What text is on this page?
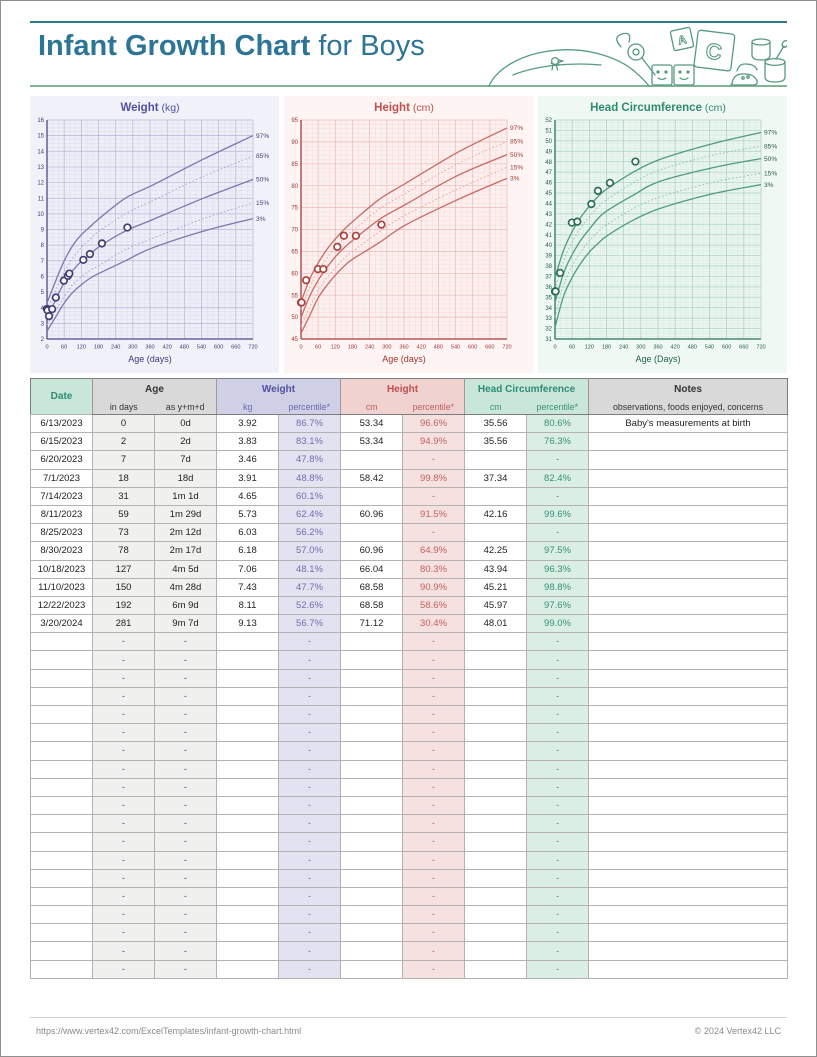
Infant Growth Chart for Boys	C
A
2
3
4
5
6
7
8
9
10
11
12
13
14
15
16
0 60 120 180 240 300 360 420 480 540 600 660 720
Age (days)
97%
85%
50%
15%
3%
Weight (kg)
45
50
55
60
65
70
75
80
85
90
95
0 60 120 180 240 300 360 420 480 540 600 660 720
Age (days)
97%
85%
50%
15%
3%
Height (cm)
31
32
33
34
35
36
37
38
39
40
41
42
43
44
45
46
47
48
49
50
51
52
0 60 120 180 240 300 360 420 480 540 600 660 720
Age (Days)
97%
85%
50%
15%
3%
Head Circumference (cm)
Date	Age		Weight		Height		Head Circumference		Notes
	in days	as y+m+d	kg	percentile*	cm	percentile*	cm	percentile*	observations, foods enjoyed, concerns
6/13/2023	0	0d	3.92	86.7%	53.34	96.6%	35.56	80.6%	Baby's measurements at birth
6/15/2023	2	2d	3.83	83.1%	53.34	94.9%	35.56	76.3%	
6/20/2023	7	7d	3.46	47.8%		-		-	
7/1/2023	18	18d	3.91	48.8%	58.42	99.8%	37.34	82.4%	
7/14/2023	31	1m 1d	4.65	60.1%		-		-	
8/11/2023	59	1m 29d	5.73	62.4%	60.96	91.5%	42.16	99.6%	
8/25/2023	73	2m 12d	6.03	56.2%		-		-	
8/30/2023	78	2m 17d	6.18	57.0%	60.96	64.9%	42.25	97.5%	
10/18/2023	127	4m 5d	7.06	48.1%	66.04	80.3%	43.94	96.3%	
11/10/2023	150	4m 28d	7.43	47.7%	68.58	90.9%	45.21	98.8%	
12/22/2023	192	6m 9d	8.11	52.6%	68.58	58.6%	45.97	97.6%	
3/20/2024	281	9m 7d	9.13	56.7%	71.12	30.4%	48.01	99.0%	
	-	-		-		-		-	
	-	-		-		-		-	
	-	-		-		-		-	
	-	-		-		-		-	
	-	-		-		-		-	
	-	-		-		-		-	
	-	-		-		-		-	
	-	-		-		-		-	
	-	-		-		-		-	
	-	-		-		-		-	
	-	-		-		-		-	
	-	-		-		-		-	
	-	-		-		-		-	
	-	-		-		-		-	
	-	-		-		-		-	
	-	-		-		-		-	
	-	-		-		-		-	
	-	-		-		-		-	
	-	-		-		-		-	
https://www.vertex42.com/ExcelTemplates/infant-growth-chart.html	© 2024 Vertex42 LLC
